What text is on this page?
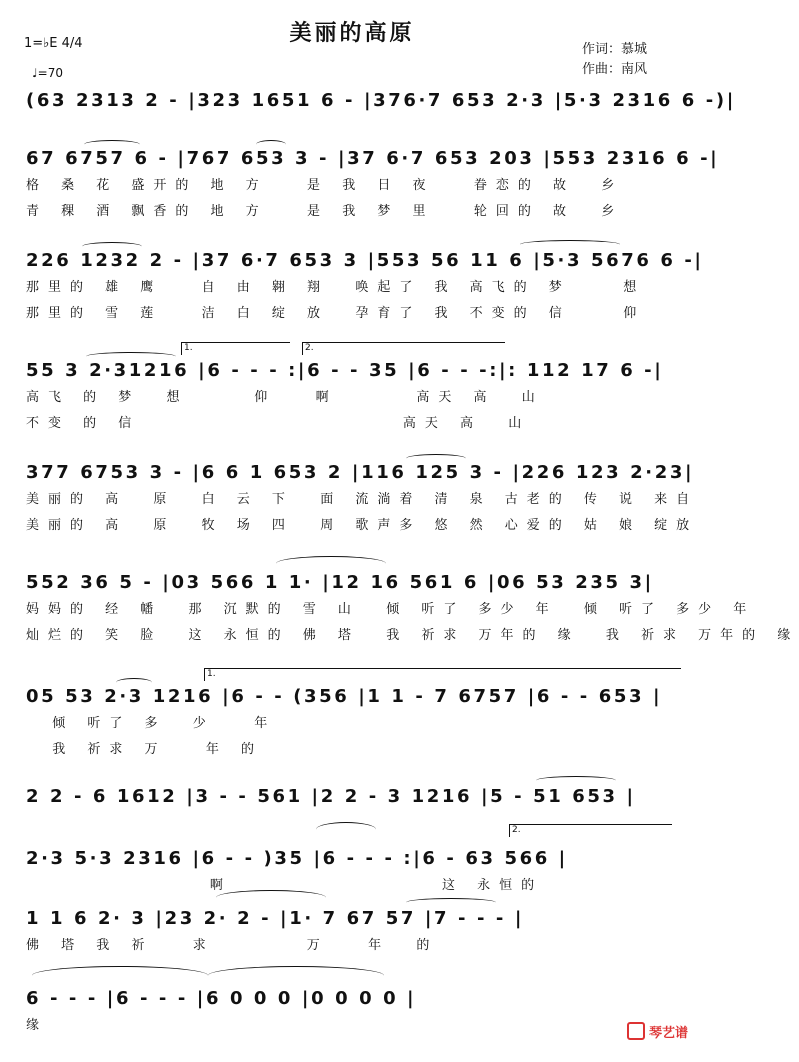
美丽的高原
作词：慕城
作曲：南风
1=♭E 4/4
♩=70
(63 2313 2 - |323 1651 6 - |376·7 653 2·3 |5·3 2316 6 -)|
67 6757 6 - |767 653 3 - |37 6·7 653 203 |553 2316 6 -|
格 桑 花 盛开的 地 方   是 我 日 夜   眷恋的 故  乡
青 稞 酒 飘香的 地 方   是 我 梦 里   轮回的 故  乡
226 1232 2 - |37 6·7 653 3 |553 56 11 6 |5·3 5676 6 -|
那里的 雄 鹰   自 由 翱 翔  唤起了 我 高飞的 梦    想
那里的 雪 莲   洁 白 绽 放  孕育了 我 不变的 信    仰
1.	2.
55 3 2·31216 |6 - - - :|6 - - 35 |6 - - -:|: 112 17 6 -|
高飞 的 梦  想     仰   啊      高天 高  山
不变 的 信                    高天 高  山
377 6753 3 - |6 6 1 653 2 |116 125 3 - |226 123 2·23|
美丽的 高  原  白 云 下  面 流淌着 清 泉 古老的 传 说 来自
美丽的 高  原  牧 场 四  周 歌声多 悠 然 心爱的 姑 娘 绽放
552 36 5 - |03 566 1 1· |12 16 561 6 |06 53 235 3|
妈妈的 经 幡  那 沉默的 雪 山  倾 听了 多少 年  倾 听了 多少 年
灿烂的 笑 脸  这 永恒的 佛 塔  我 祈求 万年的 缘  我 祈求 万年的 缘
1.
05 53 2·3 1216 |6 - - (356 |1 1 - 7 6757 |6 - - 653 |
倾 听了 多  少   年
我 祈求 万   年 的
2 2 - 6 1612 |3 - - 561 |2 2 - 3 1216 |5 - 51 653 |
2.
2·3 5·3 2316 |6 - - )35 |6 - - - :|6 - 63 566 |
啊                这 永恒的
1 1 6 2· 3 |23 2· 2 - |1· 7 67 57 |7 - - - |
佛 塔 我 祈   求       万   年  的
6 - - - |6 - - - |6 0 0 0 |0 0 0 0 |
缘
琴艺谱
